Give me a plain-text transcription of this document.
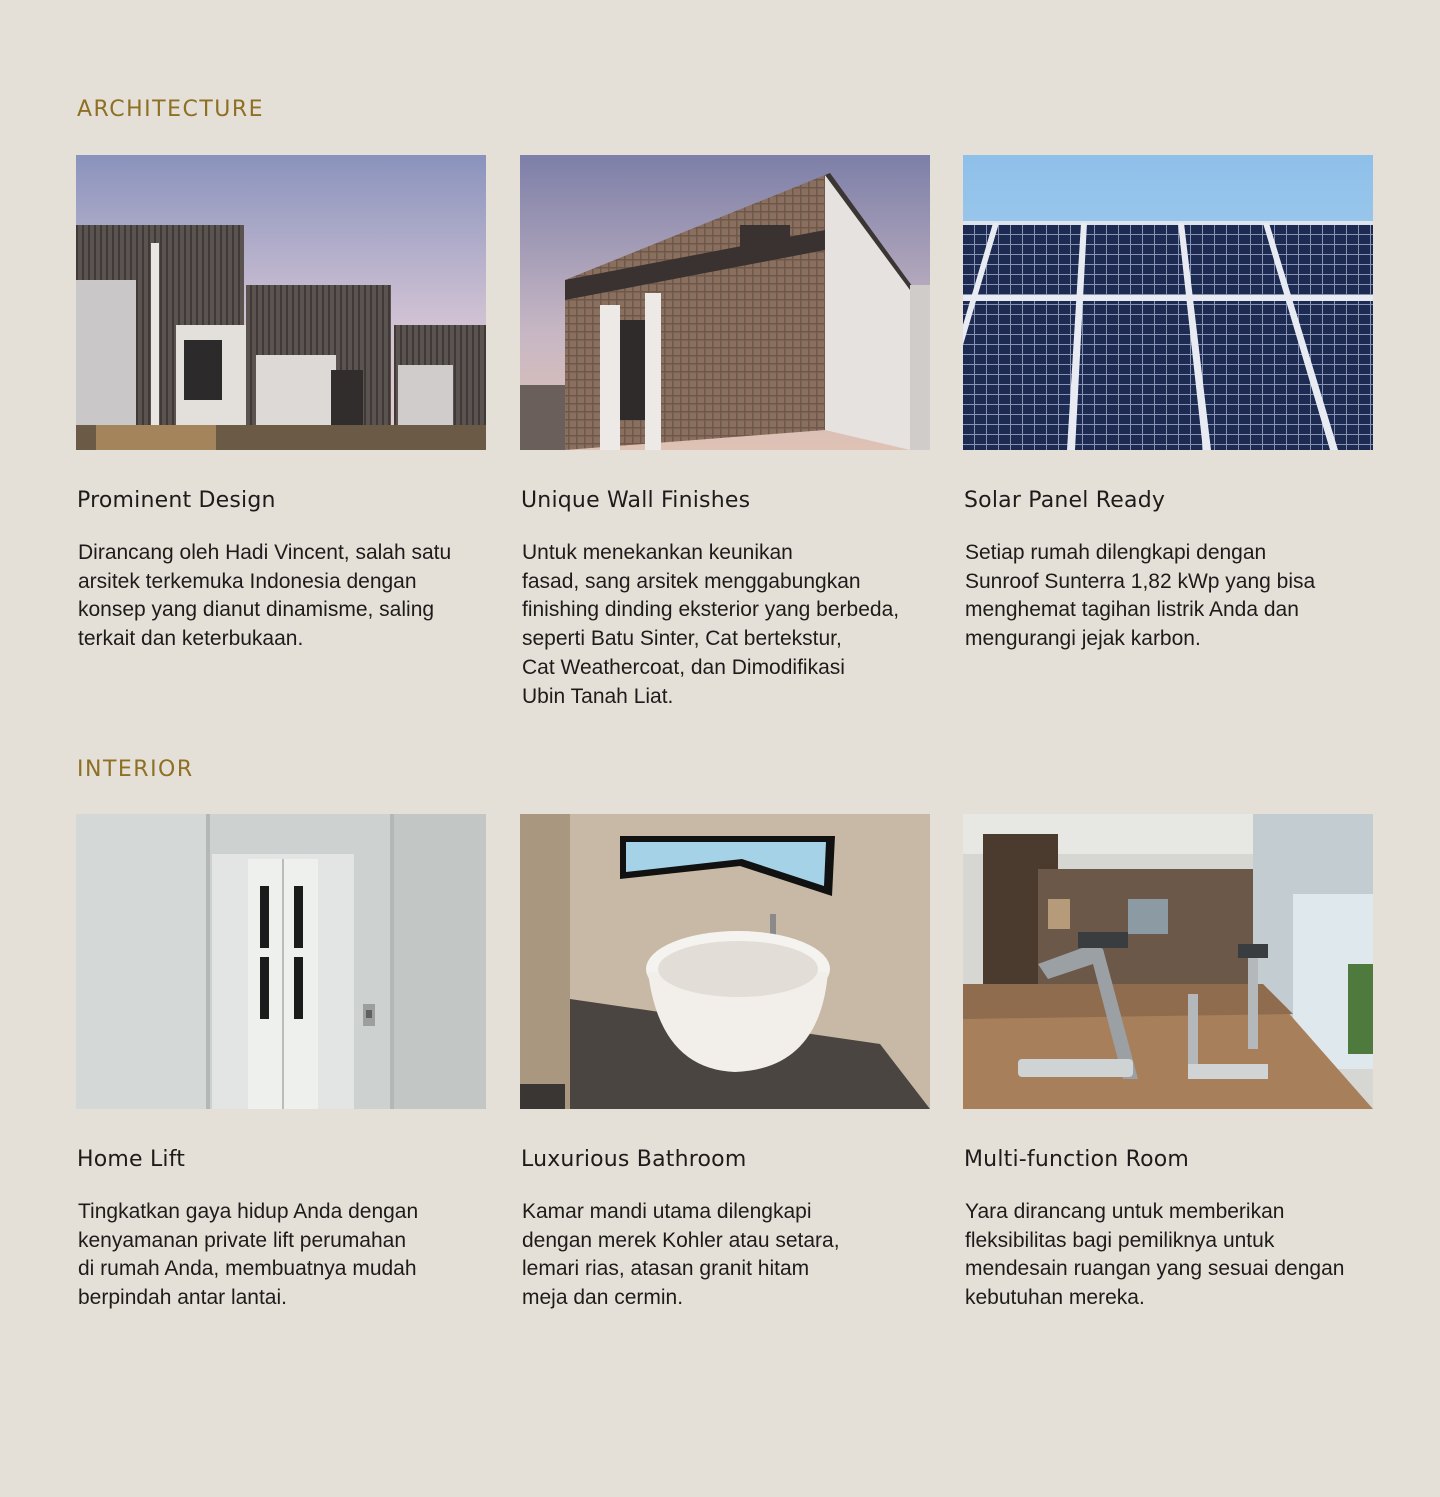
ARCHITECTURE
Prominent Design

Dirancang oleh Hadi Vincent, salah satu
arsitek terkemuka Indonesia dengan
konsep yang dianut dinamisme, saling
terkait dan keterbukaan.

Unique Wall Finishes

Untuk menekankan keunikan
fasad, sang arsitek menggabungkan
finishing dinding eksterior yang berbeda,
seperti Batu Sinter, Cat bertekstur,
Cat Weathercoat, dan Dimodifikasi
Ubin Tanah Liat.

Solar Panel Ready

Setiap rumah dilengkapi dengan
Sunroof Sunterra 1,82 kWp yang bisa
menghemat tagihan listrik Anda dan
mengurangi jejak karbon.

INTERIOR
Home Lift

Tingkatkan gaya hidup Anda dengan
kenyamanan private lift perumahan
di rumah Anda, membuatnya mudah
berpindah antar lantai.

Luxurious Bathroom

Kamar mandi utama dilengkapi
dengan merek Kohler atau setara,
lemari rias, atasan granit hitam
meja dan cermin.

Multi-function Room

Yara dirancang untuk memberikan
fleksibilitas bagi pemiliknya untuk
mendesain ruangan yang sesuai dengan
kebutuhan mereka.
